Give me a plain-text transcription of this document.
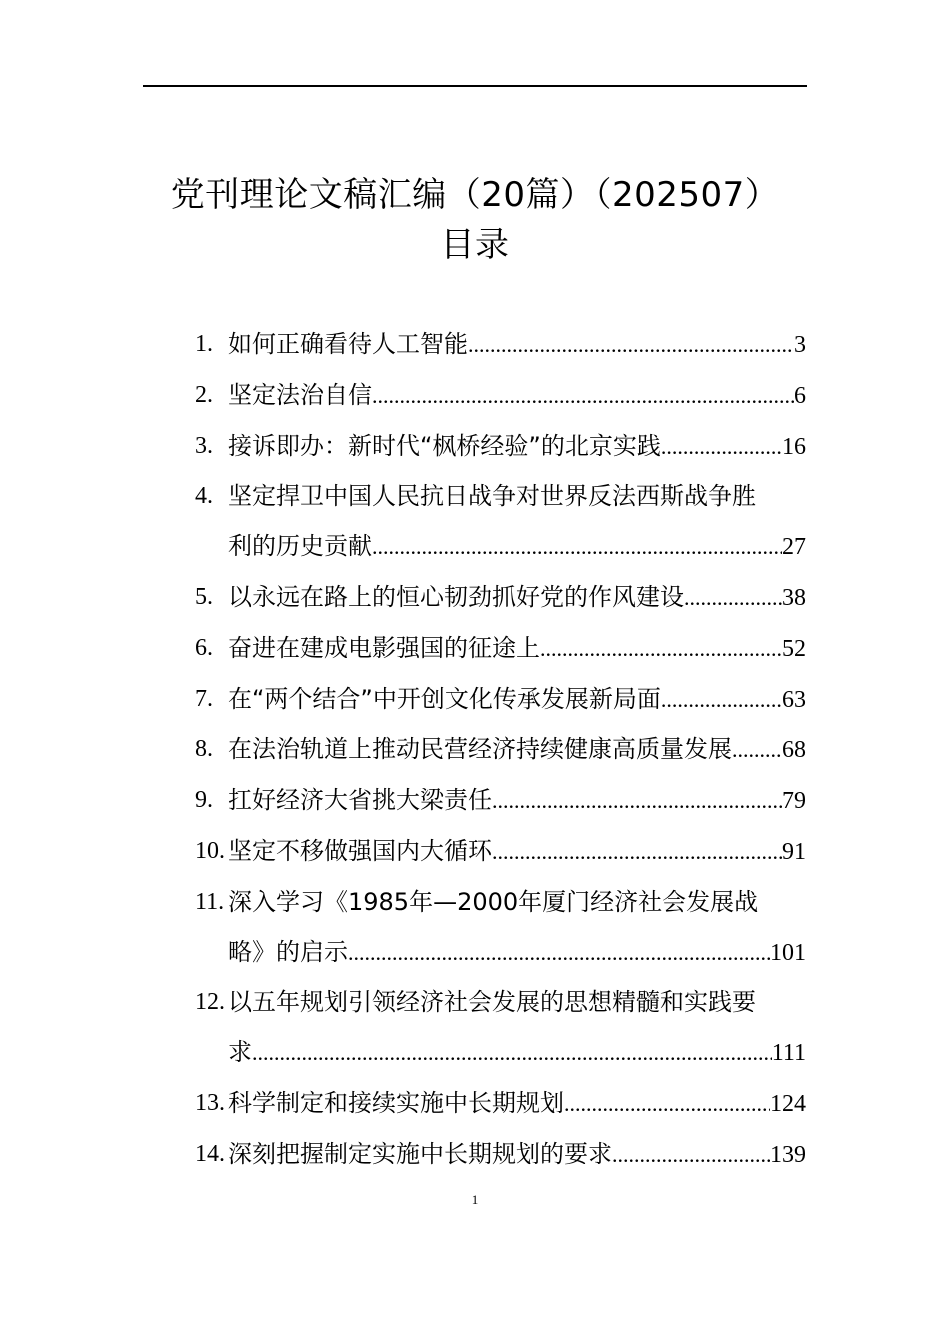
党刊理论文稿汇编（20篇）（202507）
目录
1. 如何正确看待人工智能 .....	3
2. 坚定法治自信 .....	6
3. 接诉即办：新时代“枫桥经验”的北京实践 .....	16
4. 坚定捍卫中国人民抗日战争对世界反法西斯战争胜
利的历史贡献 .....	27
5. 以永远在路上的恒心韧劲抓好党的作风建设 .....	38
6. 奋进在建成电影强国的征途上 .....	52
7. 在“两个结合”中开创文化传承发展新局面 .....	63
8. 在法治轨道上推动民营经济持续健康高质量发展 ..... 68
9. 扛好经济大省挑大梁责任 .....	79
10. 坚定不移做强国内大循环 .....	91
11. 深入学习《1985年—2000年厦门经济社会发展战
略》的启示 .....	101
12. 以五年规划引领经济社会发展的思想精髓和实践要
求 .....	111
13. 科学制定和接续实施中长期规划 .....	124
14. 深刻把握制定实施中长期规划的要求 .....	139
1
